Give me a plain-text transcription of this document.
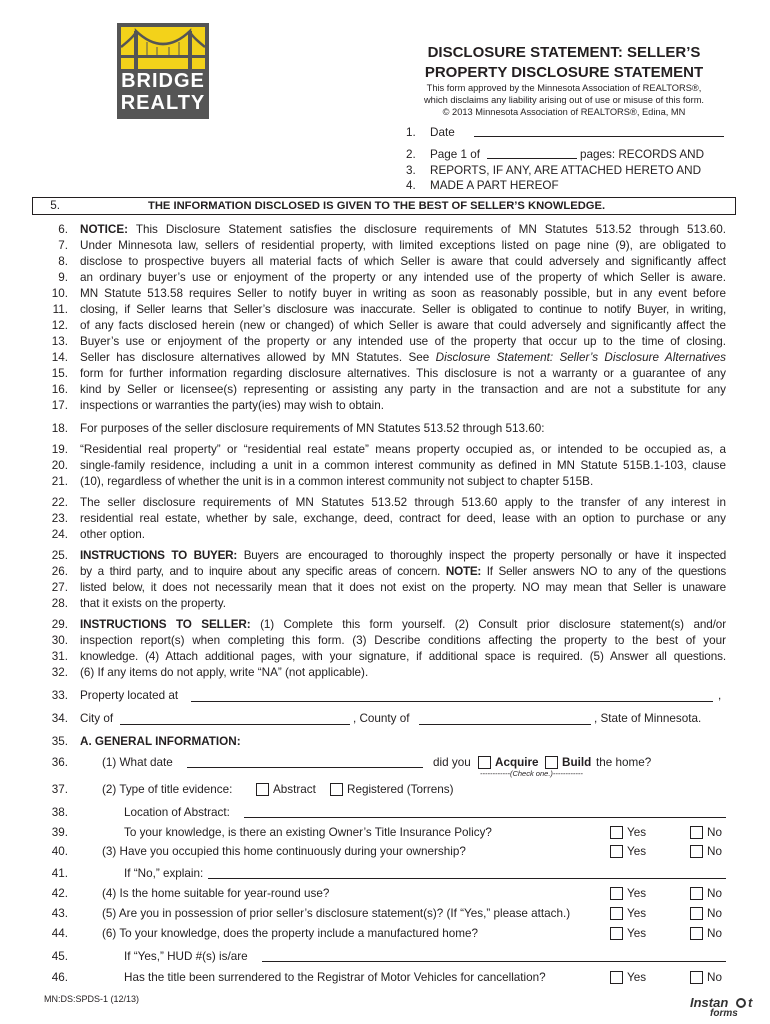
BRIDGE
REALTY
DISCLOSURE STATEMENT: SELLER’S
PROPERTY DISCLOSURE STATEMENT
This form approved by the Minnesota Association of REALTORS®,
which disclaims any liability arising out of use or misuse of this form.
© 2013 Minnesota Association of REALTORS®, Edina, MN
1. Date
2. Page 1 of	pages: RECORDS AND
3. REPORTS, IF ANY, ARE ATTACHED HERETO AND
4. MADE A PART HEREOF
5.	THE INFORMATION DISCLOSED IS GIVEN TO THE BEST OF SELLER’S KNOWLEDGE.
6. NOTICE: This Disclosure Statement satisfies the disclosure requirements of MN Statutes 513.52 through 513.60.
7. Under Minnesota law, sellers of residential property, with limited exceptions listed on page nine (9), are obligated to
8. disclose to prospective buyers all material facts of which Seller is aware that could adversely and significantly affect
9. an ordinary buyer’s use or enjoyment of the property or any intended use of the property of which Seller is aware.
10. MN Statute 513.58 requires Seller to notify buyer in writing as soon as reasonably possible, but in any event before
11. closing, if Seller learns that Seller’s disclosure was inaccurate. Seller is obligated to continue to notify Buyer, in writing,
12. of any facts disclosed herein (new or changed) of which Seller is aware that could adversely and significantly affect the
13. Buyer’s use or enjoyment of the property or any intended use of the property that occur up to the time of closing.
14. Seller has disclosure alternatives allowed by MN Statutes. See Disclosure Statement: Seller’s Disclosure Alternatives
15. form for further information regarding disclosure alternatives. This disclosure is not a warranty or a guarantee of any
16. kind by Seller or licensee(s) representing or assisting any party in the transaction and are not a substitute for any
17. inspections or warranties the party(ies) may wish to obtain.
18. For purposes of the seller disclosure requirements of MN Statutes 513.52 through 513.60:
19. “Residential real property” or “residential real estate” means property occupied as, or intended to be occupied as, a
20. single-family residence, including a unit in a common interest community as defined in MN Statute 515B.1-103, clause
21. (10), regardless of whether the unit is in a common interest community not subject to chapter 515B.
22. The seller disclosure requirements of MN Statutes 513.52 through 513.60 apply to the transfer of any interest in
23. residential real estate, whether by sale, exchange, deed, contract for deed, lease with an option to purchase or any
24. other option.
25. INSTRUCTIONS TO BUYER: Buyers are encouraged to thoroughly inspect the property personally or have it inspected
26. by a third party, and to inquire about any specific areas of concern. NOTE: If Seller answers NO to any of the questions
27. listed below, it does not necessarily mean that it does not exist on the property. NO may mean that Seller is unaware
28. that it exists on the property.
29. INSTRUCTIONS TO SELLER: (1) Complete this form yourself. (2) Consult prior disclosure statement(s) and/or
30. inspection report(s) when completing this form. (3) Describe conditions affecting the property to the best of your
31. knowledge. (4) Attach additional pages, with your signature, if additional space is required. (5) Answer all questions.
32. (6) If any items do not apply, write “NA” (not applicable).
33. Property located at	,
34. City of	, County of	, State of Minnesota.
35. A. GENERAL INFORMATION:
36.	(1) What date	did you Acquire Build the home?
------------(Check one.)------------
37.	(2) Type of title evidence:	Abstract	Registered (Torrens)
38.	Location of Abstract:
39.	To your knowledge, is there an existing Owner’s Title Insurance Policy?	Yes	No
40.	(3) Have you occupied this home continuously during your ownership?	Yes	No
41.	If “No,” explain:
42.	(4) Is the home suitable for year-round use?	Yes	No
43.	(5) Are you in possession of prior seller’s disclosure statement(s)? (If “Yes,” please attach.)	Yes	No
44.	(6) To your knowledge, does the property include a manufactured home?	Yes	No
45.	If “Yes,” HUD #(s) is/are
46.	Has the title been surrendered to the Registrar of Motor Vehicles for cancellation?	Yes	No
MN:DS:SPDS-1 (12/13)	Instan t
forms
